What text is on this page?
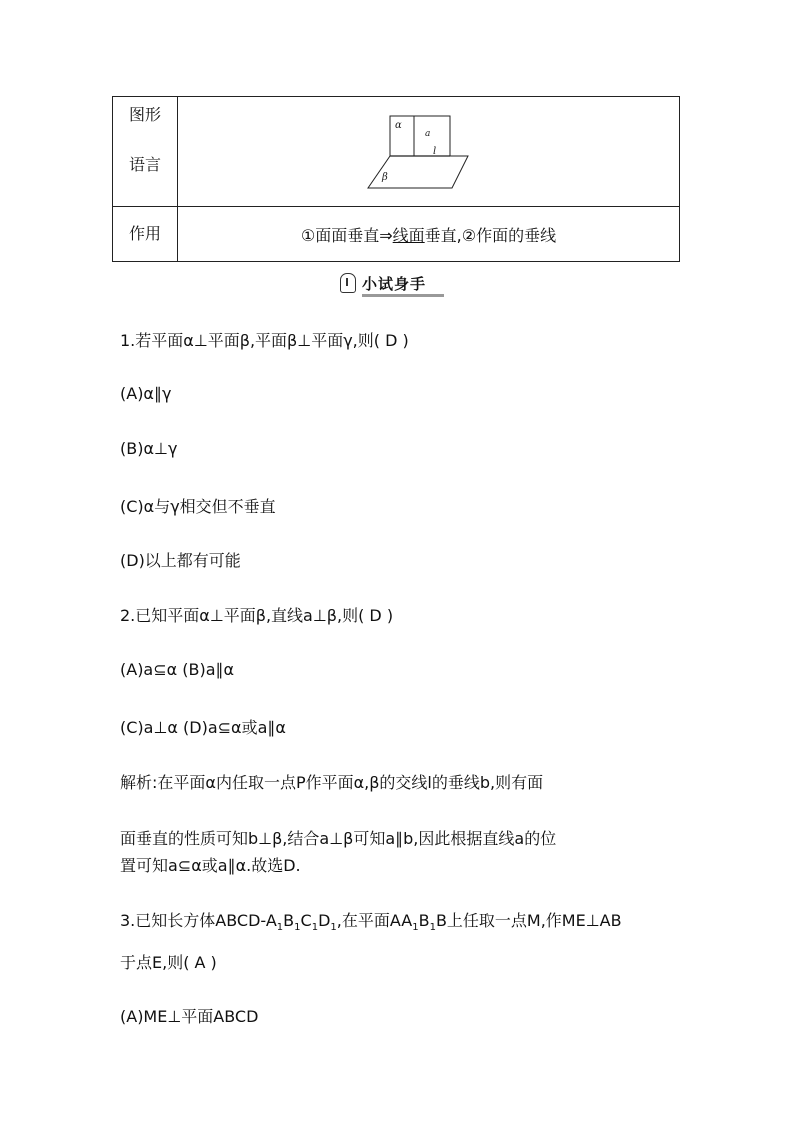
图形
语言	α
a
l
β

作用	①面面垂直⇒线面垂直,②作面的垂线
小试身手
1.若平面α⊥平面β,平面β⊥平面γ,则( D )
(A)α∥γ
(B)α⊥γ
(C)α与γ相交但不垂直
(D)以上都有可能
2.已知平面α⊥平面β,直线a⊥β,则( D )
(A)a⊆α (B)a∥α
(C)a⊥α (D)a⊆α或a∥α
解析:在平面α内任取一点P作平面α,β的交线l的垂线b,则有面
面垂直的性质可知b⊥β,结合a⊥β可知a∥b,因此根据直线a的位
置可知a⊆α或a∥α.故选D.
3.已知长方体ABCD-$A_1B_1C_1D_1$,在平面$AA_1B_1B$上任取一点M,作ME⊥AB
于点E,则( A )
(A)ME⊥平面ABCD
